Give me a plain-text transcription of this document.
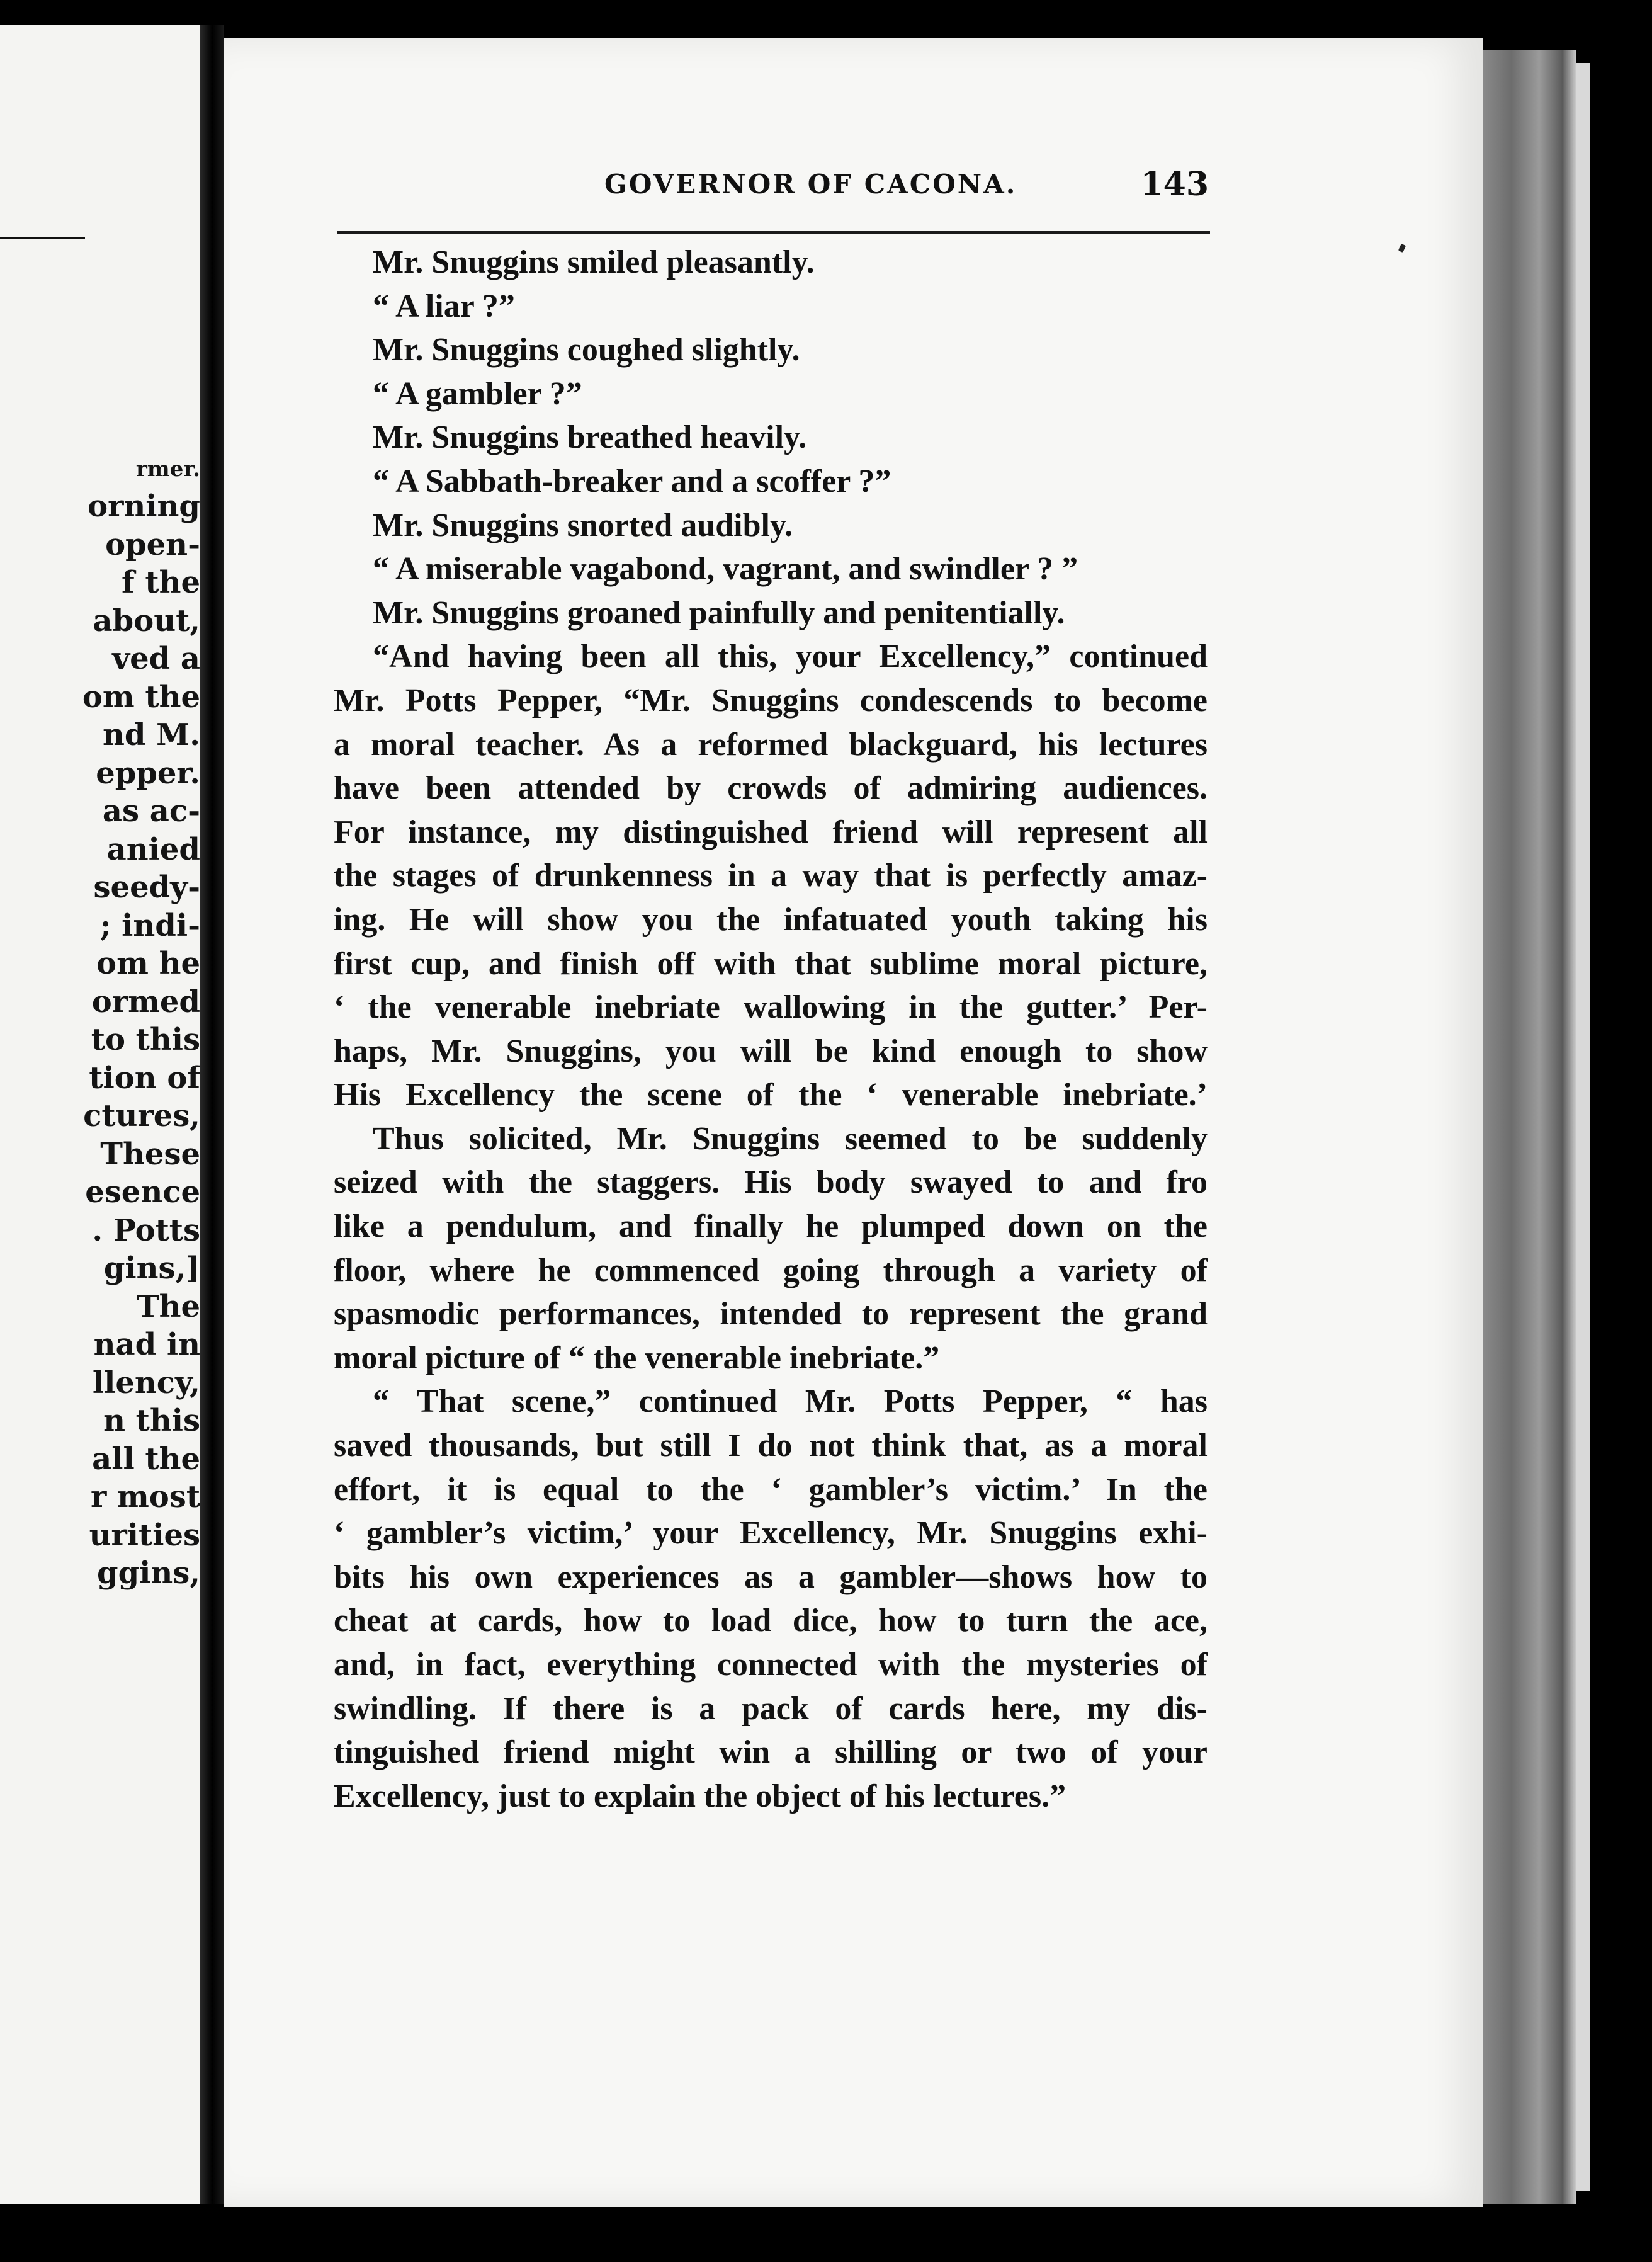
rmer.
orning
open-
f the
about,
ved a
om the
nd M.
epper.
as ac-
anied
seedy-
; indi-
om he
ormed
to this
tion of
ctures,
These
esence
. Potts
gins,]
The
nad in
llency,
n this
all the
r most
urities
ggins,
GOVERNOR OF CACONA.	143
Mr. Snuggins smiled pleasantly.
“ A liar ?”
Mr. Snuggins coughed slightly.
“ A gambler ?”
Mr. Snuggins breathed heavily.
“ A Sabbath-breaker and a scoffer ?”
Mr. Snuggins snorted audibly.
“ A miserable vagabond, vagrant, and swindler ? ”
Mr. Snuggins groaned painfully and penitentially.
“And having been all this, your Excellency,” continued
Mr. Potts Pepper, “Mr. Snuggins condescends to become
a moral teacher. As a reformed blackguard, his lectures
have been attended by crowds of admiring audiences.
For instance, my distinguished friend will represent all
the stages of drunkenness in a way that is perfectly amaz-
ing. He will show you the infatuated youth taking his
first cup, and finish off with that sublime moral picture,
‘ the venerable inebriate wallowing in the gutter.’ Per-
haps, Mr. Snuggins, you will be kind enough to show
His Excellency the scene of the ‘ venerable inebriate.’
Thus solicited, Mr. Snuggins seemed to be suddenly
seized with the staggers. His body swayed to and fro
like a pendulum, and finally he plumped down on the
floor, where he commenced going through a variety of
spasmodic performances, intended to represent the grand
moral picture of “ the venerable inebriate.”
“ That scene,” continued Mr. Potts Pepper, “ has
saved thousands, but still I do not think that, as a moral
effort, it is equal to the ‘ gambler’s victim.’ In the
‘ gambler’s victim,’ your Excellency, Mr. Snuggins exhi-
bits his own experiences as a gambler—shows how to
cheat at cards, how to load dice, how to turn the ace,
and, in fact, everything connected with the mysteries of
swindling. If there is a pack of cards here, my dis-
tinguished friend might win a shilling or two of your
Excellency, just to explain the object of his lectures.”
